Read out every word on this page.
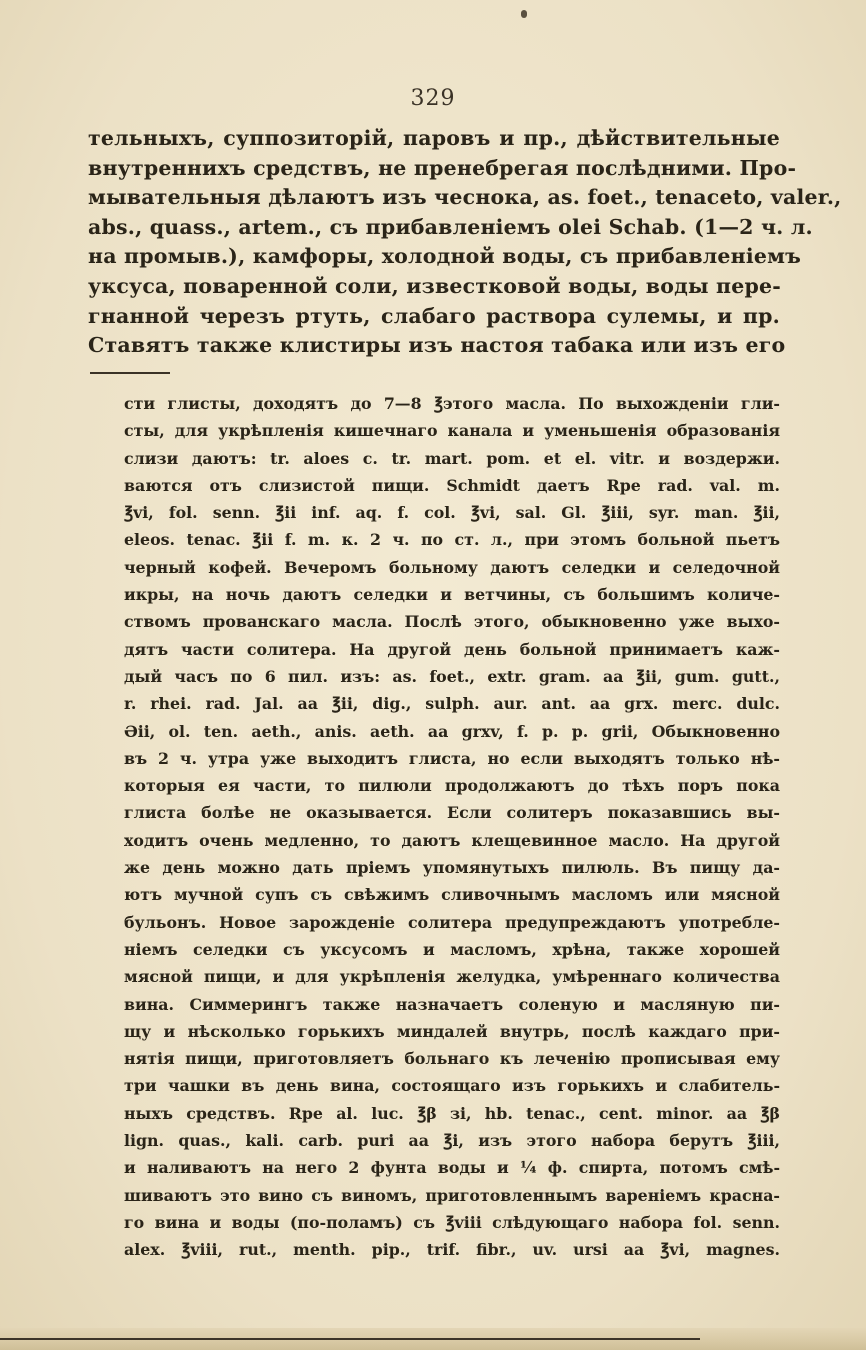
329
тельныхъ, суппозиторій, паровъ и пр., дѣйствительные
внутреннихъ средствъ, не пренебрегая послѣдними. Про-
мывательныя дѣлаютъ изъ чеснока, as. foet., tenaceto, valer.,
abs., quass., artem., съ прибавленіемъ olei Schab. (1—2 ч. л.
на промыв.), камфоры, холодной воды, съ прибавленіемъ
уксуса, поваренной соли, известковой воды, воды пере-
гнанной черезъ ртуть, слабаго раствора сулемы, и пр.
Ставятъ также клистиры изъ настоя табака или изъ его
сти глисты, доходятъ до 7—8 ℥этого масла. По выхожденіи гли-
сты, для укрѣпленія кишечнаго канала и уменьшенія образованія
слизи даютъ: tr. aloes c. tr. mart. pom. et el. vitr. и воздержи.
ваются отъ слизистой пищи. Schmidt даетъ Rpe rad. val. m.
℥vi, fol. senn. ℥ii inf. aq. f. col. ℥vi, sal. Gl. ℥iii, syr. man. ℥ii,
eleos. tenac. ℥ii f. m. к. 2 ч. по ст. л., при этомъ больной пьетъ
черный кофей. Вечеромъ больному даютъ селедки и селедочной
икры, на ночь даютъ селедки и ветчины, съ большимъ количе-
ствомъ прованскаго масла. Послѣ этого, обыкновенно уже выхо-
дятъ части солитера. На другой день больной принимаетъ каж-
дый часъ по 6 пил. изъ: as. foet., extr. gram. aa ℥ii, gum. gutt.,
r. rhei. rad. Jal. aa ℥ii, dig., sulph. aur. ant. aa grx. merc. dulc.
Əii, ol. ten. aeth., anis. aeth. aa grxv, f. p. p. grii, Обыкновенно
въ 2 ч. утра уже выходитъ глиста, но если выходятъ только нѣ-
которыя ея части, то пилюли продолжаютъ до тѣхъ поръ пока
глиста болѣе не оказывается. Если солитеръ показавшись вы-
ходитъ очень медленно, то даютъ клещевинное масло. На другой
же день можно дать пріемъ упомянутыхъ пилюль. Въ пищу да-
ютъ мучной супъ съ свѣжимъ сливочнымъ масломъ или мясной
бульонъ. Новое зарожденіе солитера предупреждаютъ употребле-
ніемъ селедки съ уксусомъ и масломъ, хрѣна, также хорошей
мясной пищи, и для укрѣпленія желудка, умѣреннаго количества
вина. Симмерингъ также назначаетъ соленую и масляную пи-
щу и нѣсколько горькихъ миндалей внутрь, послѣ каждаго при-
нятія пищи, приготовляетъ больнаго къ леченію прописывая ему
три чашки въ день вина, состоящаго изъ горькихъ и слабитель-
ныхъ средствъ. Rpe al. luc. ℥β зі, hb. tenac., cent. minor. aa ℥β
lign. quas., kali. carb. puri aa ℥i, изъ этого набора берутъ ℥iii,
и наливаютъ на него 2 фунта воды и ¼ ф. спирта, потомъ смѣ-
шиваютъ это вино съ виномъ, приготовленнымъ вареніемъ красна-
го вина и воды (по-поламъ) съ ℥viii слѣдующаго набора fol. senn.
alex. ℥viii, rut., menth. pip., trif. fibr., uv. ursi aa ℥vi, magnes.
